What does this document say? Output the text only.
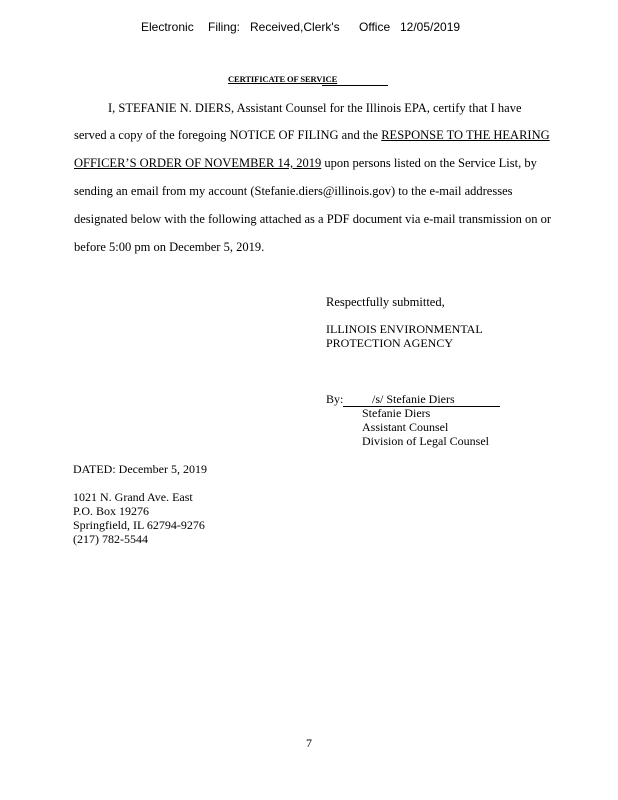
Electronic Filing: Received,Clerk's Office 12/05/2019
CERTIFICATE OF SERVICE
I, STEFANIE N. DIERS, Assistant Counsel for the Illinois EPA, certify that I have
served a copy of the foregoing NOTICE OF FILING and the RESPONSE TO THE HEARING
OFFICER’S ORDER OF NOVEMBER 14, 2019 upon persons listed on the Service List, by
sending an email from my account (Stefanie.diers@illinois.gov) to the e-mail addresses
designated below with the following attached as a PDF document via e-mail transmission on or
before 5:00 pm on December 5, 2019.
Respectfully submitted,
ILLINOIS ENVIRONMENTAL
PROTECTION AGENCY
By: /s/ Stefanie Diers
Stefanie Diers
Assistant Counsel
Division of Legal Counsel
DATED: December 5, 2019
1021 N. Grand Ave. East
P.O. Box 19276
Springfield, IL 62794-9276
(217) 782-5544
7
